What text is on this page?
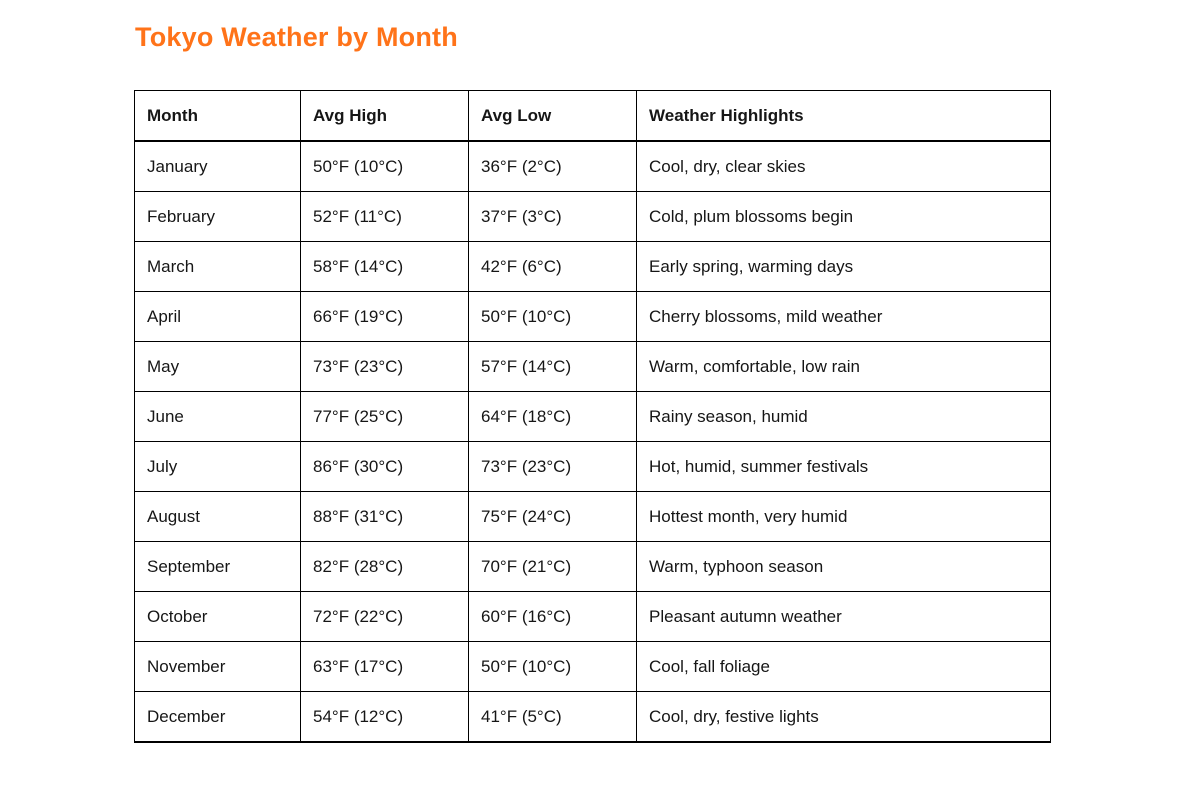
Tokyo Weather by Month
Month	Avg High	Avg Low	Weather Highlights
January	50°F (10°C)	36°F (2°C)	Cool, dry, clear skies
February	52°F (11°C)	37°F (3°C)	Cold, plum blossoms begin
March	58°F (14°C)	42°F (6°C)	Early spring, warming days
April	66°F (19°C)	50°F (10°C)	Cherry blossoms, mild weather
May	73°F (23°C)	57°F (14°C)	Warm, comfortable, low rain
June	77°F (25°C)	64°F (18°C)	Rainy season, humid
July	86°F (30°C)	73°F (23°C)	Hot, humid, summer festivals
August	88°F (31°C)	75°F (24°C)	Hottest month, very humid
September	82°F (28°C)	70°F (21°C)	Warm, typhoon season
October	72°F (22°C)	60°F (16°C)	Pleasant autumn weather
November	63°F (17°C)	50°F (10°C)	Cool, fall foliage
December	54°F (12°C)	41°F (5°C)	Cool, dry, festive lights
